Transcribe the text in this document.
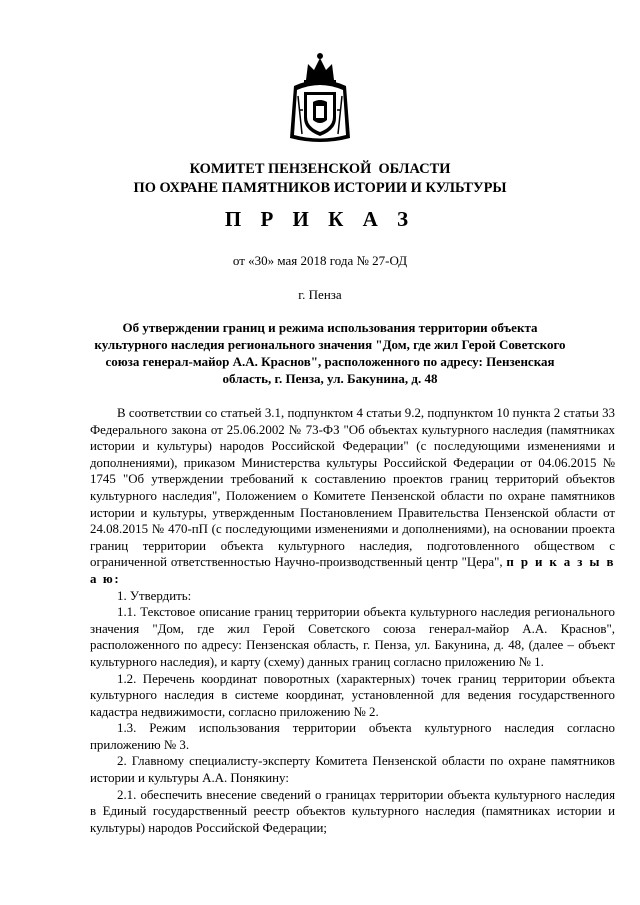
КОМИТЕТ ПЕНЗЕНСКОЙ  ОБЛАСТИ
ПО ОХРАНЕ ПАМЯТНИКОВ ИСТОРИИ И КУЛЬТУРЫ
П Р И К А З
от «30» мая 2018 года № 27-ОД
г. Пенза
Об утверждении границ и режима использования территории объекта культурного наследия регионального значения "Дом, где жил Герой Советского союза генерал-майор А.А. Краснов", расположенного по адресу: Пензенская область, г. Пенза, ул. Бакунина, д. 48

В соответствии со статьей 3.1, подпунктом 4 статьи 9.2, подпунктом 10 пункта 2 статьи 33 Федерального закона от 25.06.2002 № 73-ФЗ "Об объектах культурного наследия (памятниках истории и культуры) народов Российской Федерации" (с последующими изменениями и дополнениями), приказом Министерства культуры Российской Федерации от 04.06.2015 № 1745 "Об утверждении требований к составлению проектов границ территорий объектов культурного наследия", Положением о Комитете Пензенской области по охране памятников истории и культуры, утвержденным Постановлением Правительства Пензенской области от 24.08.2015 № 470-пП (с последующими изменениями и дополнениями), на основании проекта границ территории объекта культурного наследия, подготовленного обществом с ограниченной ответственностью Научно-производственный центр "Цера", п р и к а з ы в а ю:

1. Утвердить:

1.1. Текстовое описание границ территории объекта культурного наследия регионального значения "Дом, где жил Герой Советского союза генерал-майор А.А. Краснов", расположенного по адресу: Пензенская область, г. Пенза, ул. Бакунина, д. 48, (далее – объект культурного наследия), и карту (схему) данных границ согласно приложению № 1.

1.2. Перечень координат поворотных (характерных) точек границ территории объекта культурного наследия в системе координат, установленной для ведения государственного кадастра недвижимости, согласно приложению № 2.

1.3. Режим использования территории объекта культурного наследия согласно приложению № 3.

2. Главному специалисту-эксперту Комитета Пензенской области по охране памятников истории и культуры А.А. Понякину:

2.1. обеспечить внесение сведений о границах территории объекта культурного наследия в Единый государственный реестр объектов культурного наследия (памятниках истории и культуры) народов Российской Федерации;
